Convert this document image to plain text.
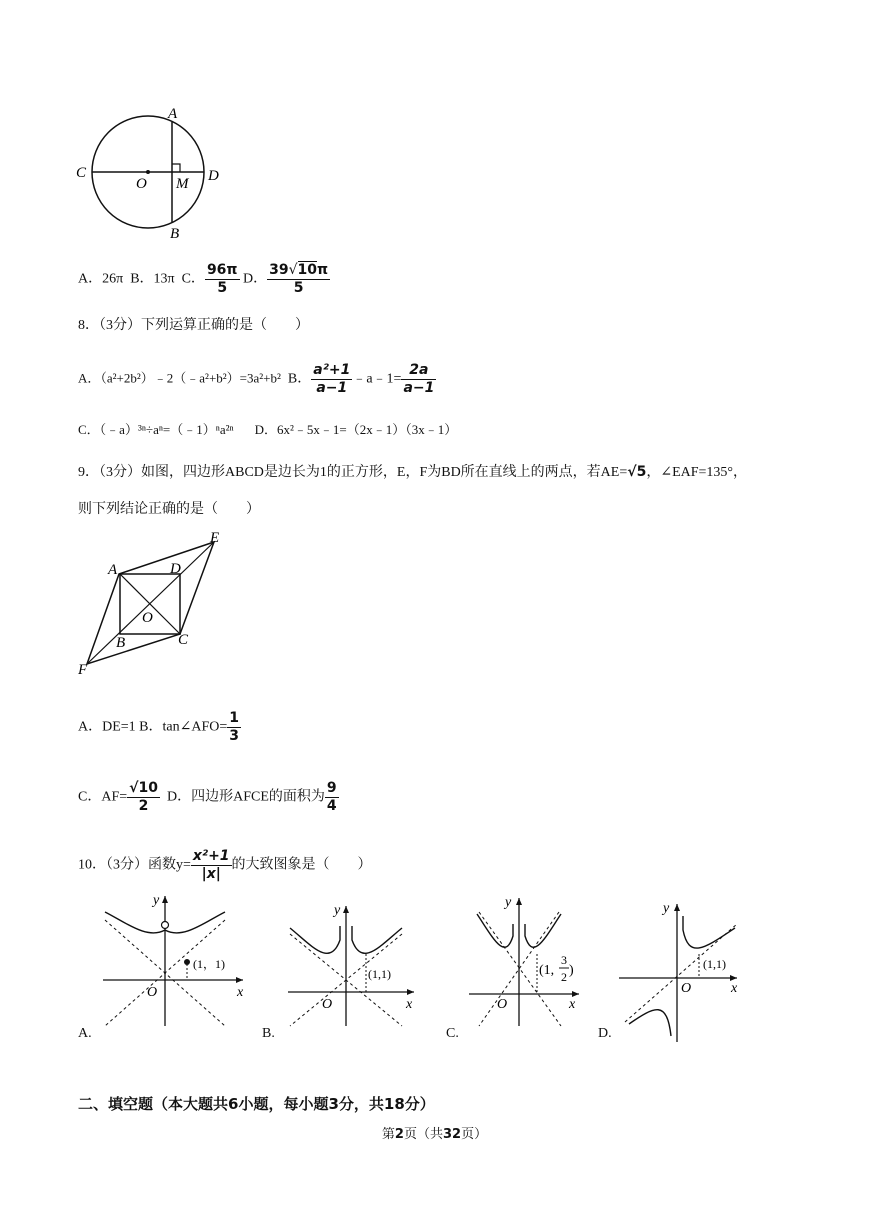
A
C
O M D
B
A．26π B．13π C． $\frac{96\pi}{5}$ D． $\frac{39√10\pi}{5}$
8．（3分）下列运算正确的是（　　）
A．（a²+2b²）﹣2（﹣a²+b²）=3a²+b² B． $\frac{\text{a²+1}}{a-1}$ ﹣a﹣1= $\frac{2a}{a-1}$
C．（﹣a）³ⁿ÷aⁿ=（﹣1）ⁿa²ⁿ D．6x²﹣5x﹣1=（2x﹣1）（3x﹣1）
9．（3分）如图，四边形ABCD是边长为1的正方形，E，F为BD所在直线上的两点，若AE=√5，∠EAF=135°，
则下列结论正确的是（　　）
E
A	D
O
B	C
F
A．DE=1 B．tan∠AFO= $\frac{1}{3}$
C．$AF= \frac{√10}{2}$ D．四边形AFCE的面积为 $\frac{9}{4}$
10．（3分）函数$y= \frac{\text{x²+1}}{|x|}$ 的大致图象是（　　）
(1，1)
y
x
O
A.
(1,1)
y
x
O
B.
(1,
3
2 )
y
x
O
C.
(1,1)
y
x
O
D.
二、填空题（本大题共6小题，每小题3分，共18分）
第2页（共32页）
